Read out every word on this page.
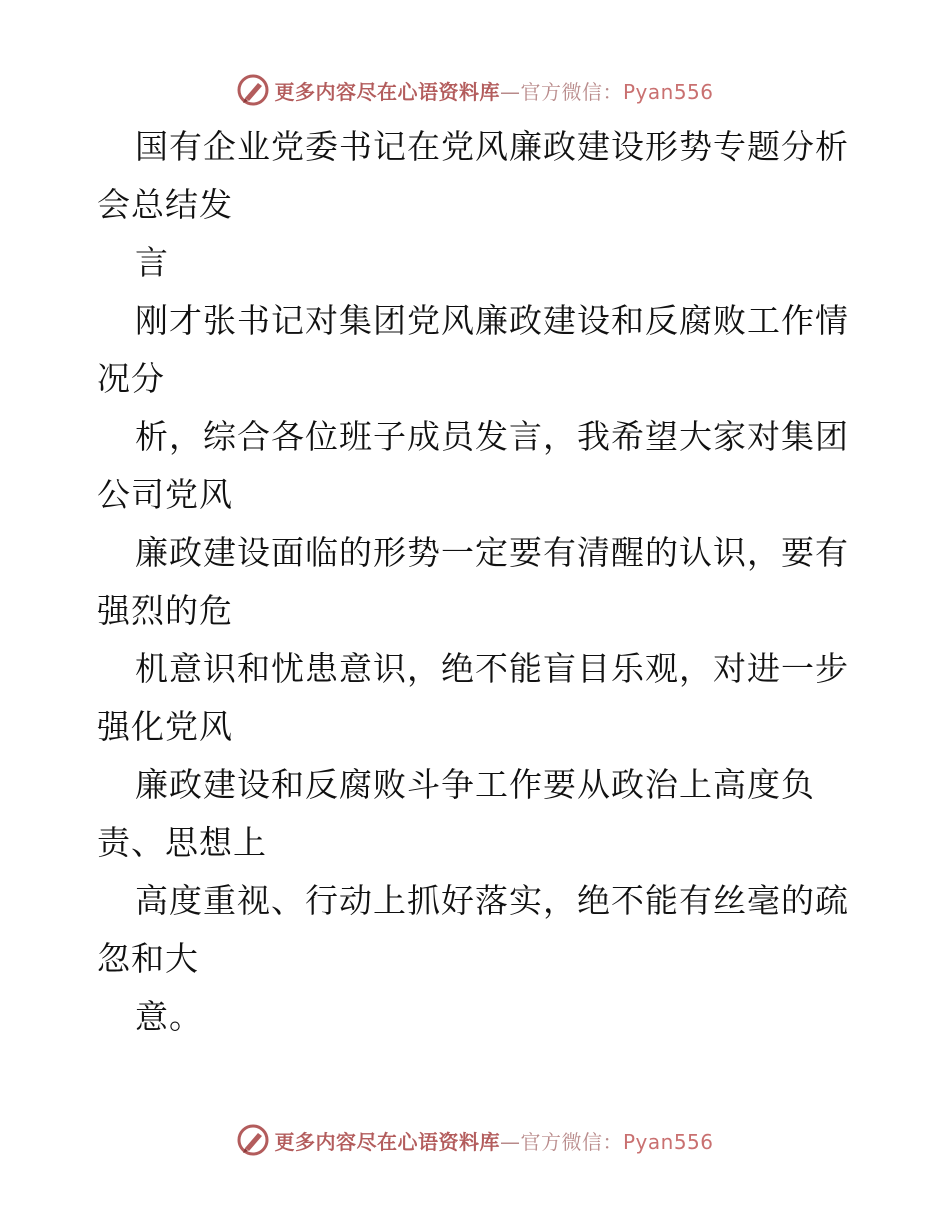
更多内容尽在心语资料库—官方微信：Pyan556
国有企业党委书记在党风廉政建设形势专题分析
会总结发
言
刚才张书记对集团党风廉政建设和反腐败工作情
况分
析，综合各位班子成员发言，我希望大家对集团
公司党风
廉政建设面临的形势一定要有清醒的认识，要有
强烈的危
机意识和忧患意识，绝不能盲目乐观，对进一步
强化党风
廉政建设和反腐败斗争工作要从政治上高度负
责、思想上
高度重视、行动上抓好落实，绝不能有丝毫的疏
忽和大
意。
更多内容尽在心语资料库—官方微信：Pyan556
